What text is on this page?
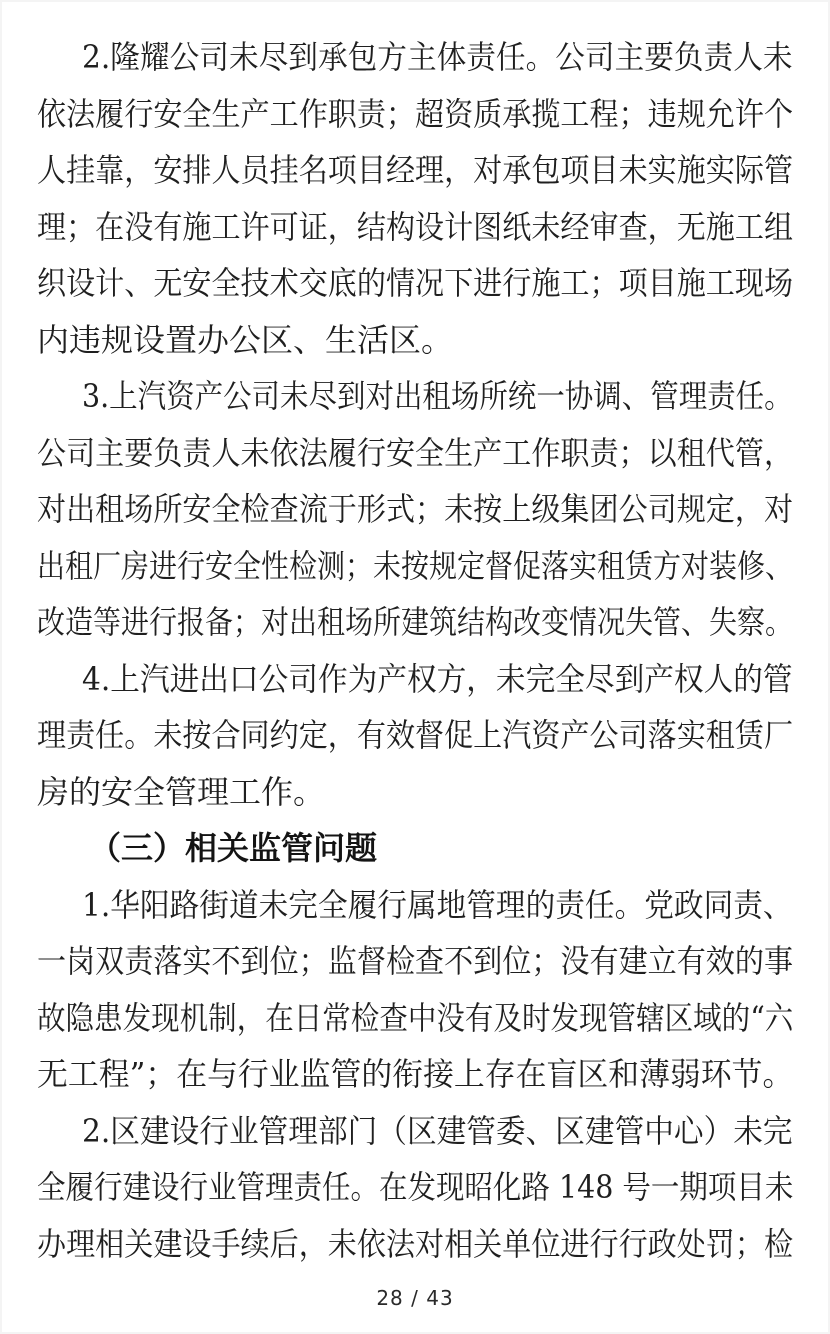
2.隆耀公司未尽到承包方主体责任。公司主要负责人未
依法履行安全生产工作职责；超资质承揽工程；违规允许个
人挂靠，安排人员挂名项目经理，对承包项目未实施实际管
理；在没有施工许可证，结构设计图纸未经审查，无施工组
织设计、无安全技术交底的情况下进行施工；项目施工现场
内违规设置办公区、生活区。
3.上汽资产公司未尽到对出租场所统一协调、管理责任。
公司主要负责人未依法履行安全生产工作职责；以租代管，
对出租场所安全检查流于形式；未按上级集团公司规定，对
出租厂房进行安全性检测；未按规定督促落实租赁方对装修、
改造等进行报备；对出租场所建筑结构改变情况失管、失察。
4.上汽进出口公司作为产权方，未完全尽到产权人的管
理责任。未按合同约定，有效督促上汽资产公司落实租赁厂
房的安全管理工作。
（三）相关监管问题
1.华阳路街道未完全履行属地管理的责任。党政同责、
一岗双责落实不到位；监督检查不到位；没有建立有效的事
故隐患发现机制，在日常检查中没有及时发现管辖区域的“六
无工程”；在与行业监管的衔接上存在盲区和薄弱环节。
2.区建设行业管理部门（区建管委、区建管中心）未完
全履行建设行业管理责任。在发现昭化路 148 号一期项目未
办理相关建设手续后，未依法对相关单位进行行政处罚；检
28 / 43
